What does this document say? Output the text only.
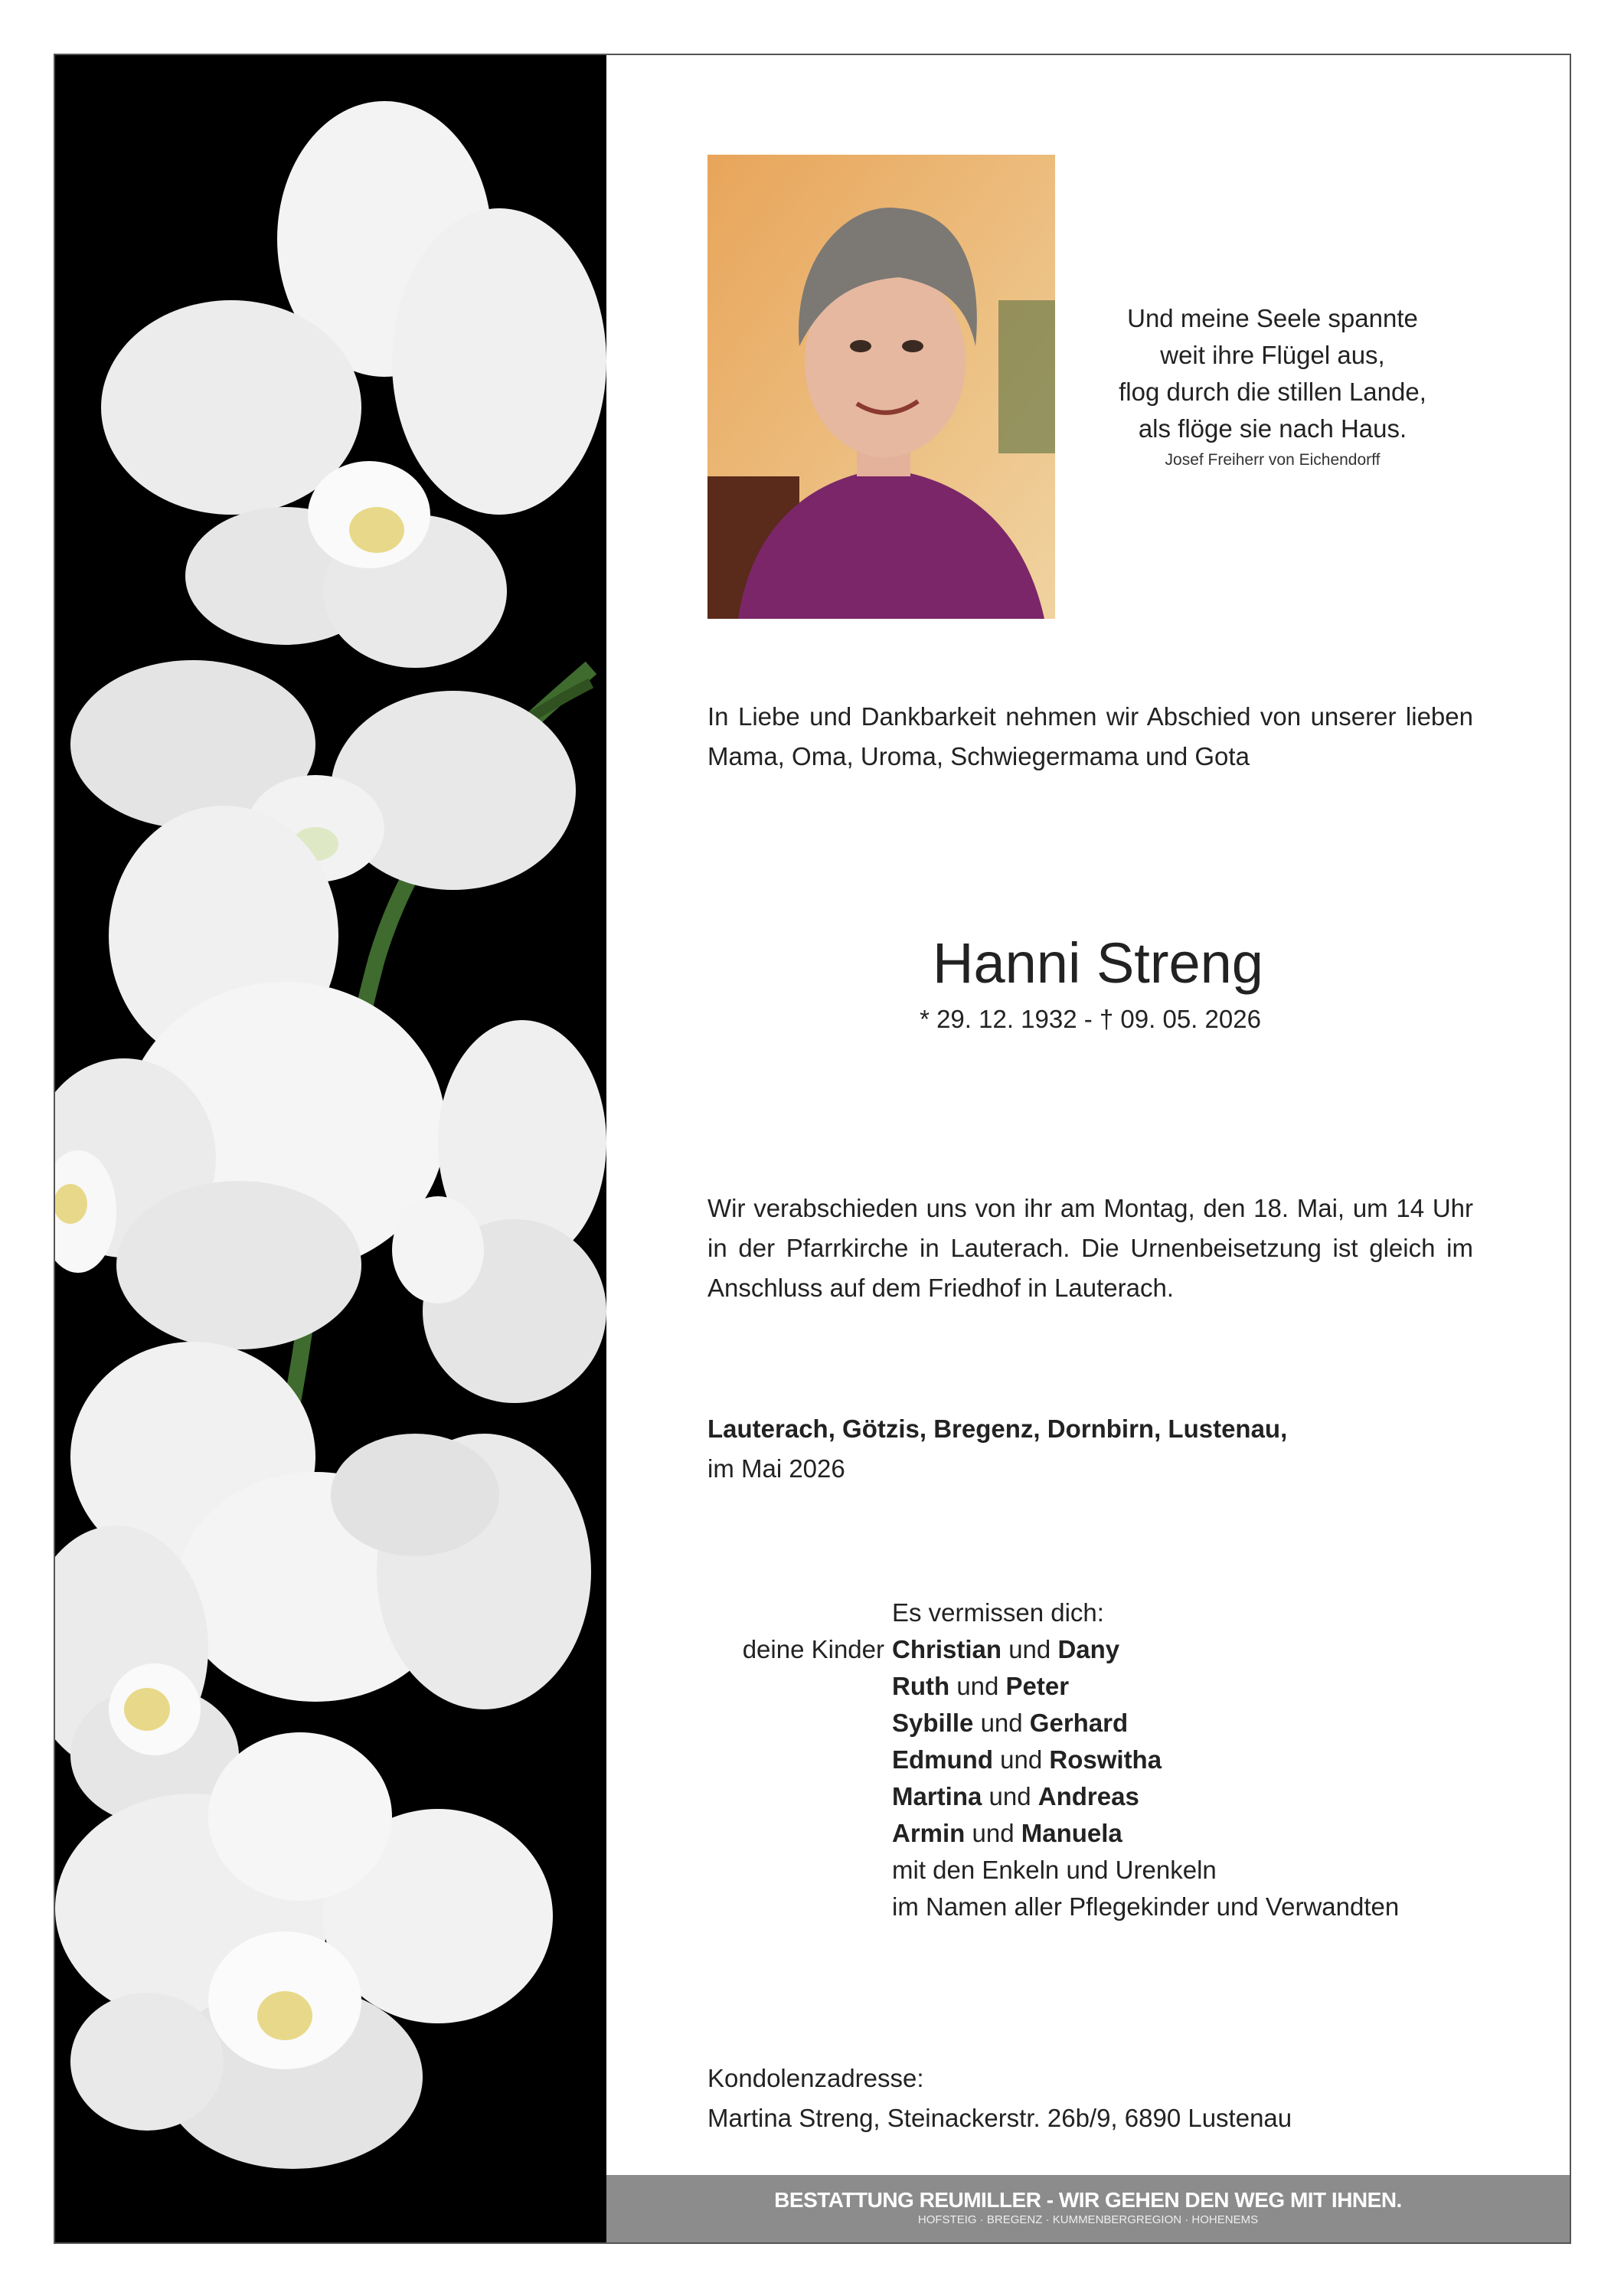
Und meine Seele spannte
weit ihre Flügel aus,
flog durch die stillen Lande,
als flöge sie nach Haus.
Josef Freiherr von Eichendorff
In Liebe und Dankbarkeit nehmen wir Abschied von unserer lieben Mama, Oma, Uroma, Schwiegermama und Gota
Hanni Streng
* 29. 12. 1932 - † 09. 05. 2026
Wir verabschieden uns von ihr am Montag, den 18. Mai, um 14 Uhr in der Pfarrkirche in Lauterach. Die Urnenbeisetzung ist gleich im Anschluss auf dem Friedhof in Lauterach.
Lauterach, Götzis, Bregenz, Dornbirn, Lustenau,
im Mai 2026
deine Kinder
Es vermissen dich:
Christian und Dany
Ruth und Peter
Sybille und Gerhard
Edmund und Roswitha
Martina und Andreas
Armin und Manuela
mit den Enkeln und Urenkeln
im Namen aller Pflegekinder und Verwandten
Kondolenzadresse:
Martina Streng, Steinackerstr. 26b/9, 6890 Lustenau
BESTATTUNG REUMILLER - WIR GEHEN DEN WEG MIT IHNEN.
HOFSTEIG · BREGENZ · KUMMENBERGREGION · HOHENEMS
